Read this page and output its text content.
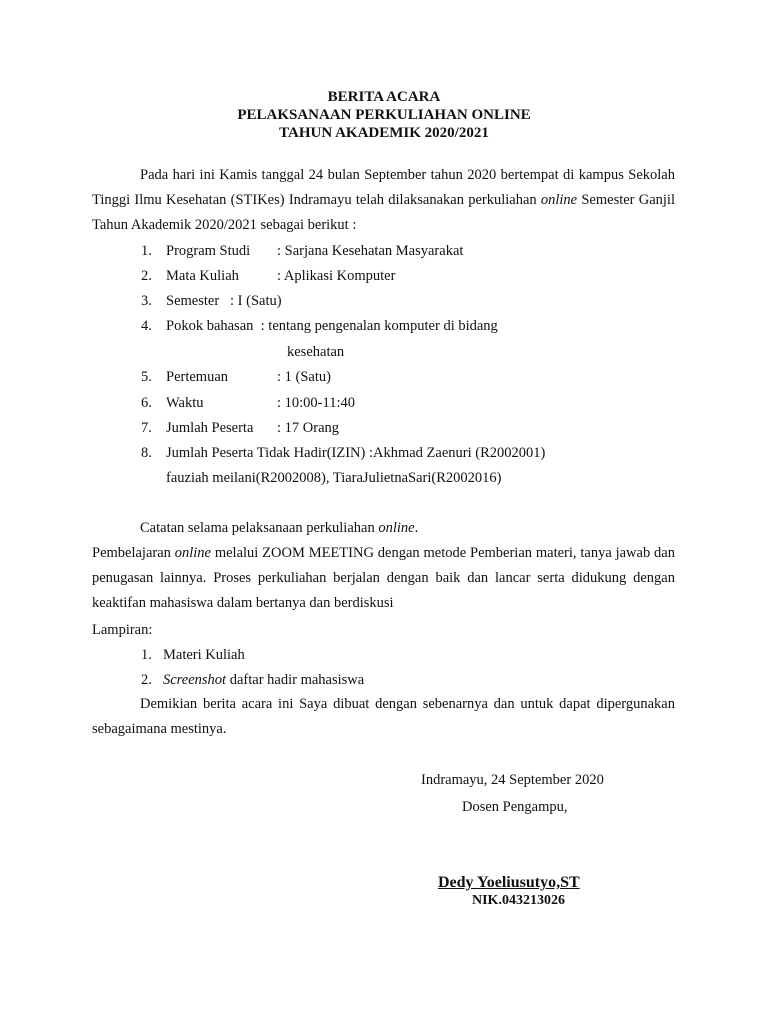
BERITA ACARA
PELAKSANAAN PERKULIAHAN ONLINE
TAHUN AKADEMIK 2020/2021
Pada hari ini Kamis tanggal 24 bulan September tahun 2020 bertempat di kampus Sekolah Tinggi Ilmu Kesehatan (STIKes) Indramayu telah dilaksanakan perkuliahan online Semester Ganjil Tahun Akademik 2020/2021 sebagai berikut :
1. Program Studi : Sarjana Kesehatan Masyarakat
2. Mata Kuliah	: Aplikasi Komputer
3. Semester   : I (Satu)
4. Pokok bahasan  : tentang pengenalan komputer di bidang
kesehatan
5. Pertemuan	: 1 (Satu)
6. Waktu	: 10:00-11:40
7. Jumlah Peserta : 17 Orang
8. Jumlah Peserta Tidak Hadir(IZIN) :Akhmad Zaenuri (R2002001)
fauziah meilani(R2002008), TiaraJulietnaSari(R2002016)
Catatan selama pelaksanaan perkuliahan online.
Pembelajaran online melalui ZOOM MEETING dengan metode Pemberian materi, tanya jawab dan penugasan lainnya. Proses perkuliahan berjalan dengan baik dan lancar serta didukung dengan keaktifan mahasiswa dalam bertanya dan berdiskusi
Lampiran:
1. Materi Kuliah
2. Screenshot daftar hadir mahasiswa
Demikian berita acara ini Saya dibuat dengan sebenarnya dan untuk dapat dipergunakan sebagaimana mestinya.
Indramayu, 24 September 2020
Dosen Pengampu,
Dedy Yoeliusutyo,ST
NIK.043213026
